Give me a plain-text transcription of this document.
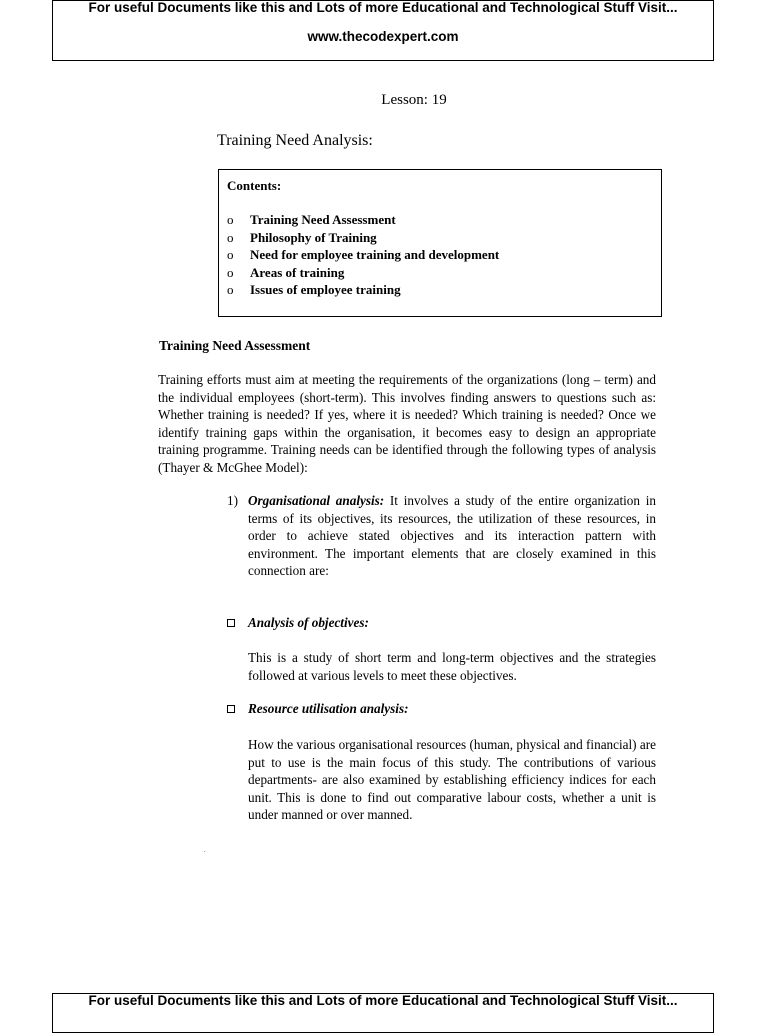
For useful Documents like this and Lots of more Educational and Technological Stuff Visit...
www.thecodexpert.com
Lesson: 19
Training Need Analysis:
Contents:
o Training Need Assessment
o Philosophy of Training
o Need for employee training and development
o Areas of training
o Issues of employee training
Training Need Assessment
Training efforts must aim at meeting the requirements of the organizations (long – term) and the individual employees (short-term). This involves finding answers to questions such as: Whether training is needed? If yes, where it is needed? Which training is needed? Once we identify training gaps within the organisation, it becomes easy to design an appropriate training programme. Training needs can be identified through the following types of analysis (Thayer & McGhee Model):
1) Organisational analysis: It involves a study of the entire organization in terms of its objectives, its resources, the utilization of these resources, in order to achieve stated objectives and its interaction pattern with environment. The important elements that are closely examined in this connection are:
Analysis of objectives:
This is a study of short term and long-term objectives and the strategies followed at various levels to meet these objectives.
Resource utilisation analysis:
How the various organisational resources (human, physical and financial) are put to use is the main focus of this study. The contributions of various departments- are also examined by establishing efficiency indices for each unit. This is done to find out comparative labour costs, whether a unit is under manned or over manned.
.
For useful Documents like this and Lots of more Educational and Technological Stuff Visit...
